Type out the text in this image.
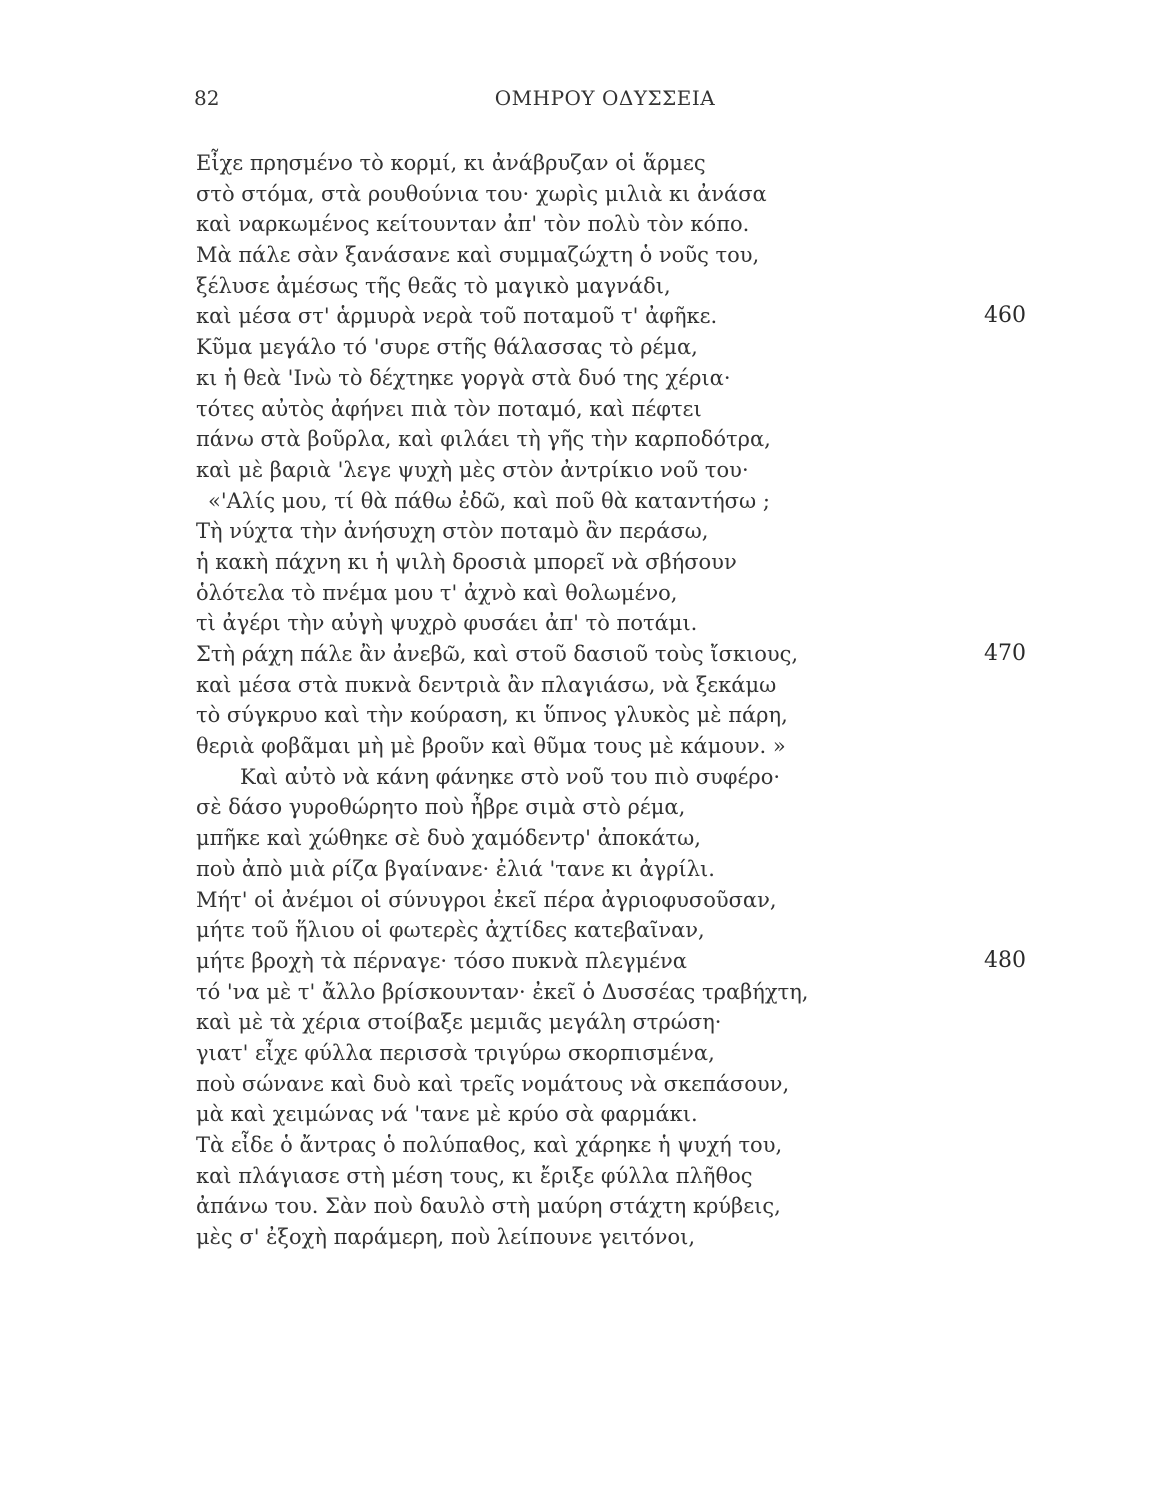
82	ΟΜΗΡΟΥ ΟΔΥΣΣΕΙΑ
Εἶχε πρησμένο τὸ κορμί, κι ἀνάβρυζαν οἱ ἅρμες
στὸ στόμα, στὰ ρουθούνια του· χωρὶς μιλιὰ κι ἀνάσα
καὶ ναρκωμένος κείτουνταν ἀπ' τὸν πολὺ τὸν κόπο.
Μὰ πάλε σὰν ξανάσανε καὶ συμμαζώχτη ὁ νοῦς του,
ξέλυσε ἀμέσως τῆς θεᾶς τὸ μαγικὸ μαγνάδι,
καὶ μέσα στ' ἁρμυρὰ νερὰ τοῦ ποταμοῦ τ' ἀφῆκε.	460
Κῦμα μεγάλο τό 'συρε στῆς θάλασσας τὸ ρέμα,
κι ἡ θεὰ 'Ινὼ τὸ δέχτηκε γοργὰ στὰ δυό της χέρια·
τότες αὐτὸς ἀφήνει πιὰ τὸν ποταμό, καὶ πέφτει
πάνω στὰ βοῦρλα, καὶ φιλάει τὴ γῆς τὴν καρποδότρα,
καὶ μὲ βαριὰ 'λεγε ψυχὴ μὲς στὸν ἀντρίκιο νοῦ του·
«'Αλίς μου, τί θὰ πάθω ἐδῶ, καὶ ποῦ θὰ καταντήσω ;
Τὴ νύχτα τὴν ἀνήσυχη στὸν ποταμὸ ἂν περάσω,
ἡ κακὴ πάχνη κι ἡ ψιλὴ δροσιὰ μπορεῖ νὰ σβήσουν
ὁλότελα τὸ πνέμα μου τ' ἀχνὸ καὶ θολωμένο,
τὶ ἀγέρι τὴν αὐγὴ ψυχρὸ φυσάει ἀπ' τὸ ποτάμι.
Στὴ ράχη πάλε ἂν ἀνεβῶ, καὶ στοῦ δασιοῦ τοὺς ἴσκιους,	470
καὶ μέσα στὰ πυκνὰ δεντριὰ ἂν πλαγιάσω, νὰ ξεκάμω
τὸ σύγκρυο καὶ τὴν κούραση, κι ὕπνος γλυκὸς μὲ πάρη,
θεριὰ φοβᾶμαι μὴ μὲ βροῦν καὶ θῦμα τους μὲ κάμουν. »
Καὶ αὐτὸ νὰ κάνη φάνηκε στὸ νοῦ του πιὸ συφέρο·
σὲ δάσο γυροθώρητο ποὺ ἦβρε σιμὰ στὸ ρέμα,
μπῆκε καὶ χώθηκε σὲ δυὸ χαμόδεντρ' ἀποκάτω,
ποὺ ἀπὸ μιὰ ρίζα βγαίνανε· ἐλιά 'τανε κι ἀγρίλι.
Μήτ' οἱ ἀνέμοι οἱ σύνυγροι ἐκεῖ πέρα ἀγριοφυσοῦσαν,
μήτε τοῦ ἥλιου οἱ φωτερὲς ἀχτίδες κατεβαῖναν,
μήτε βροχὴ τὰ πέρναγε· τόσο πυκνὰ πλεγμένα	480
τό 'να μὲ τ' ἄλλο βρίσκουνταν· ἐκεῖ ὁ Δυσσέας τραβήχτη,
καὶ μὲ τὰ χέρια στοίβαξε μεμιᾶς μεγάλη στρώση·
γιατ' εἶχε φύλλα περισσὰ τριγύρω σκορπισμένα,
ποὺ σώνανε καὶ δυὸ καὶ τρεῖς νομάτους νὰ σκεπάσουν,
μὰ καὶ χειμώνας νά 'τανε μὲ κρύο σὰ φαρμάκι.
Τὰ εἶδε ὁ ἄντρας ὁ πολύπαθος, καὶ χάρηκε ἡ ψυχή του,
καὶ πλάγιασε στὴ μέση τους, κι ἔριξε φύλλα πλῆθος
ἀπάνω του. Σὰν ποὺ δαυλὸ στὴ μαύρη στάχτη κρύβεις,
μὲς σ' ἐξοχὴ παράμερη, ποὺ λείπουνε γειτόνοι,
